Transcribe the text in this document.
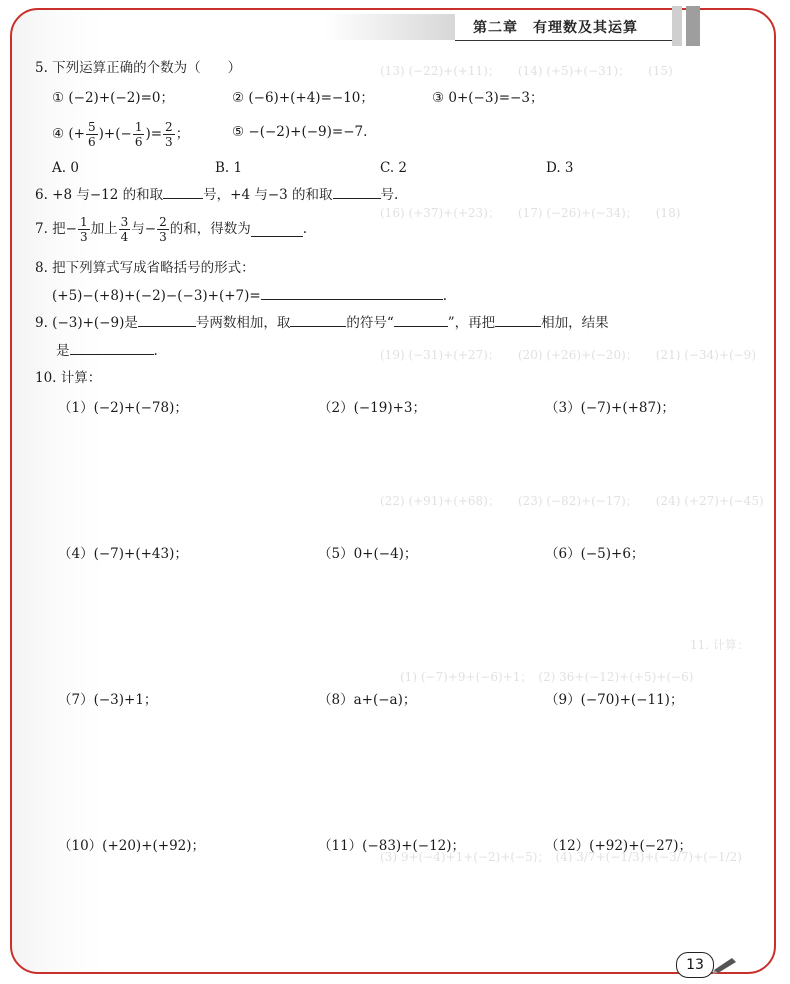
(13) (−22)+(+11)；　　(14) (+5)+(−31)；　　(15)
(16) (+37)+(+23)；　　(17) (−26)+(−34)；　　(18)
(19) (−31)+(+27)；　　(20) (+26)+(−20)；　　(21) (−34)+(−9)
(22) (+91)+(+68)；　　(23) (−82)+(−17)；　　(24) (+27)+(−45)
11. 计算：
(1) (−7)+9+(−6)+1；　(2) 36+(−12)+(+5)+(−6)
(3) 9+(−4)+1+(−2)+(−5)；　(4) 3/7+(−1/3)+(−3/7)+(−1/2)
第二章　有理数及其运算
5. 下列运算正确的个数为（　　）
① (−2)+(−2)=0；	② (−6)+(+4)=−10；	③ 0+(−3)=−3；
④
(+ $\frac{5}{6}$ )+(− $\frac{1}{6}$ )= $\frac{2}{3}$ ；	⑤ −(−2)+(−9)=−7.
A. 0	B. 1	C. 2	D. 3
6. +8 与−12 的和取	号，+4 与−3 的和取	号.
7. 把− $\frac{1}{3}$ 加上 $\frac{3}{4}$ 与− $\frac{2}{3}$ 的和，得数为	.
8. 把下列算式写成省略括号的形式：
(+5)−(+8)+(−2)−(−3)+(+7)=	.
9. (−3)+(−9)是	号两数相加，取	的符号“	”，再把	相加，结果
是	.
10. 计算：
（1）(−2)+(−78)；	（2）(−19)+3；	（3）(−7)+(+87)；
（4）(−7)+(+43)；	（5）0+(−4)；	（6）(−5)+6；
（7）(−3)+1；	（8）a+(−a)；	（9）(−70)+(−11)；
（10）(+20)+(+92)；	（11）(−83)+(−12)；	（12）(+92)+(−27)；
13
